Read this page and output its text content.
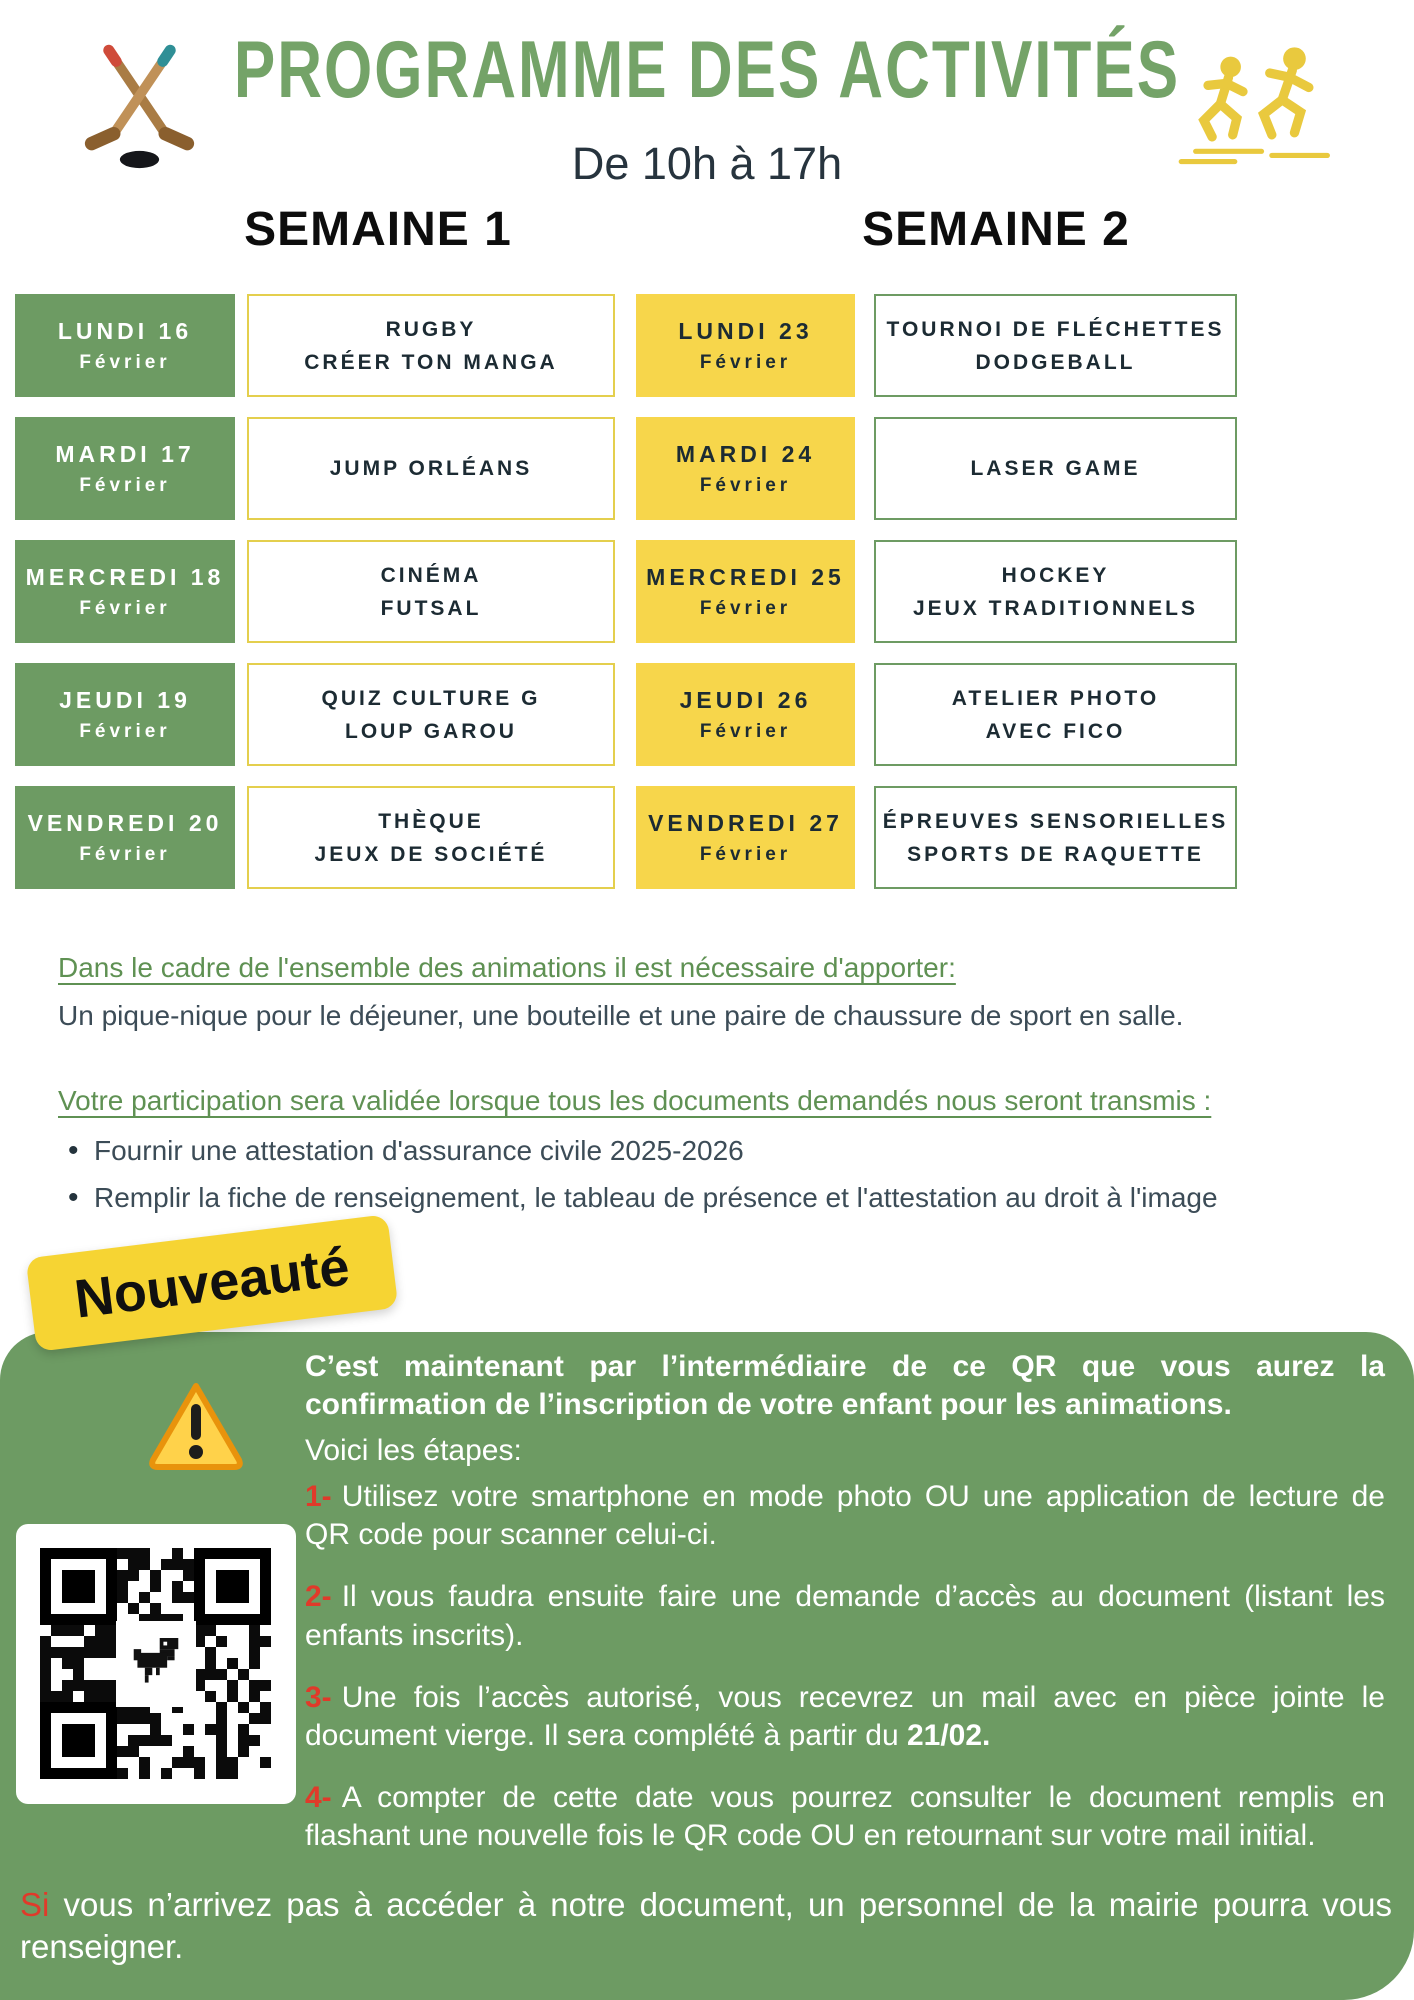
PROGRAMME DES ACTIVITÉS
De 10h à 17h
SEMAINE 1	SEMAINE 2
LUNDI 16
Février
RUGBY
CRÉER TON MANGA
LUNDI 23
Février
TOURNOI DE FLÉCHETTES
DODGEBALL
MARDI 17
Février
JUMP ORLÉANS
MARDI 24
Février
LASER GAME
MERCREDI 18
Février
CINÉMA
FUTSAL
MERCREDI 25
Février
HOCKEY
JEUX TRADITIONNELS
JEUDI 19
Février
QUIZ CULTURE G
LOUP GAROU
JEUDI 26
Février
ATELIER PHOTO
AVEC FICO
VENDREDI 20
Février
THÈQUE
JEUX DE SOCIÉTÉ
VENDREDI 27
Février
ÉPREUVES SENSORIELLES
SPORTS DE RAQUETTE

Dans le cadre de l'ensemble des animations il est nécessaire d'apporter:

Un pique-nique pour le déjeuner, une bouteille et une paire de chaussure de sport en salle.

Votre participation sera validée lorsque tous les documents demandés nous seront transmis :

• Fournir une attestation d'assurance civile 2025-2026
• Remplir la fiche de renseignement, le tableau de présence et l'attestation au droit à l'image

C’est maintenant par l’intermédiaire de ce QR que vous aurez la confirmation de l’inscription de votre enfant pour les animations.

Voici les étapes:

1- Utilisez votre smartphone en mode photo OU une application de lecture de QR code pour scanner celui-ci.

2- Il vous faudra ensuite faire une demande d’accès au document (listant les enfants inscrits).

3- Une fois l’accès autorisé, vous recevrez un mail avec en pièce jointe le document vierge. Il sera complété à partir du 21/02.

4- A compter de cette date vous pourrez consulter le document remplis en flashant une nouvelle fois le QR code OU en retournant sur votre mail initial.

Si vous n’arrivez pas à accéder à notre document, un personnel de la mairie pourra vous renseigner.

Nouveauté
